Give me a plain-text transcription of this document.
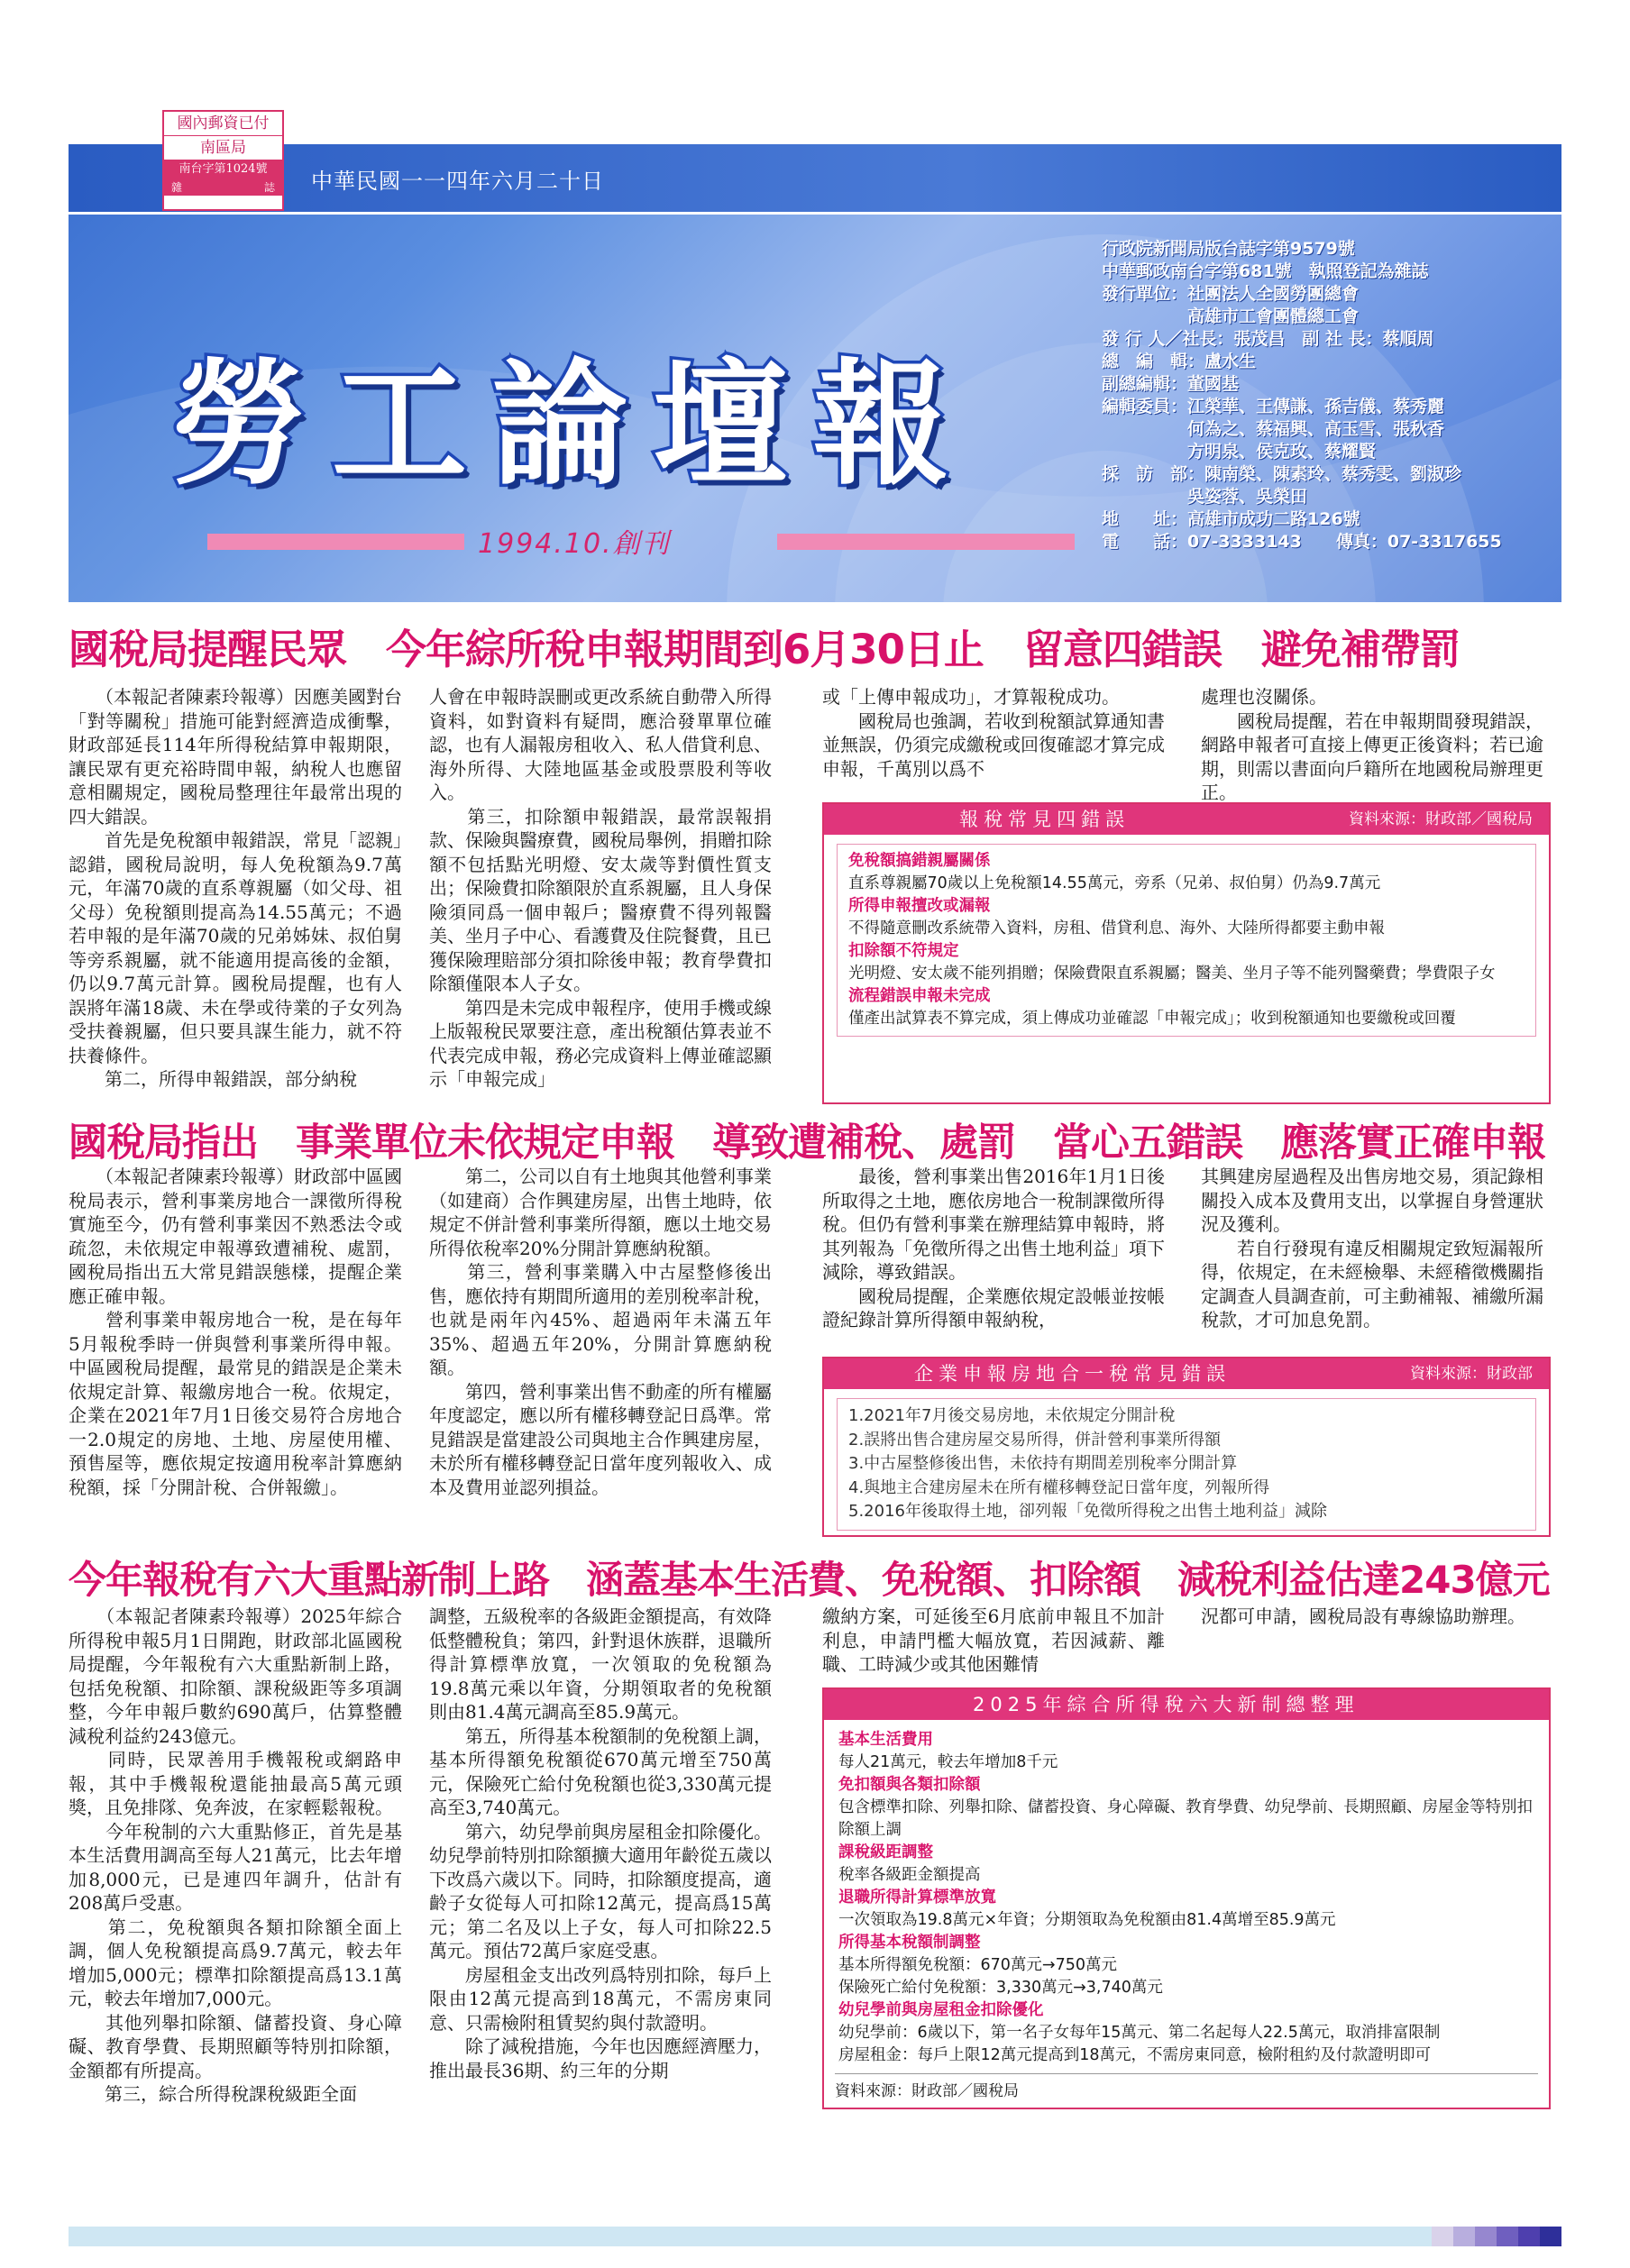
國內郵資已付
南區局
南台字第1024號
雜	誌 中華民國一一四年六月二十日
勞工論壇報
1994.10.創刊
行政院新聞局版台誌字第9579號
中華郵政南台字第681號　執照登記為雜誌
發行單位：社團法人全國勞團總會
　　　　　高雄市工會團體總工會
發 行 人／社長：張茂昌　副 社 長：蔡順周
總　編　輯：盧水生
副總編輯：董國基
編輯委員：江榮華、王傳謙、孫吉儀、蔡秀麗
　　　　　何為之、蔡福興、高玉雪、張秋香
　　　　　方明泉、侯克玫、蔡耀賢
採　訪　部：陳南榮、陳素玲、蔡秀雯、劉淑珍
　　　　　吳姿蓉、吳榮田
地　　址：高雄市成功二路126號
電　　話：07-3333143　　傳真：07-3317655
國稅局提醒民眾　今年綜所稅申報期間到6月30日止　留意四錯誤　避免補帶罰
　　（本報記者陳素玲報導）因應美國對台「對等關稅」措施可能對經濟造成衝擊，財政部延長114年所得稅結算申報期限，讓民眾有更充裕時間申報，納稅人也應留意相關規定，國稅局整理往年最常出現的四大錯誤。
　　首先是免稅額申報錯誤，常見「認親」認錯，國稅局說明，每人免稅額為9.7萬元，年滿70歲的直系尊親屬（如父母、祖父母）免稅額則提高為14.55萬元；不過若申報的是年滿70歲的兄弟姊妹、叔伯舅等旁系親屬，就不能適用提高後的金額，仍以9.7萬元計算。國稅局提醒，也有人誤將年滿18歲、未在學或待業的子女列為受扶養親屬，但只要具謀生能力，就不符扶養條件。
　　第二，所得申報錯誤，部分納稅
人會在申報時誤刪或更改系統自動帶入所得資料，如對資料有疑問，應洽發單單位確認，也有人漏報房租收入、私人借貸利息、海外所得、大陸地區基金或股票股利等收入。
　　第三，扣除額申報錯誤，最常誤報捐款、保險與醫療費，國稅局舉例，捐贈扣除額不包括點光明燈、安太歲等對價性質支出；保險費扣除額限於直系親屬，且人身保險須同爲一個申報戶；醫療費不得列報醫美、坐月子中心、看護費及住院餐費，且已獲保險理賠部分須扣除後申報；教育學費扣除額僅限本人子女。
　　第四是未完成申報程序，使用手機或線上版報稅民眾要注意，產出稅額估算表並不代表完成申報，務必完成資料上傳並確認顯示「申報完成」
或「上傳申報成功」，才算報稅成功。
　　國稅局也強調，若收到稅額試算通知書並無誤，仍須完成繳稅或回復確認才算完成申報，千萬別以爲不
處理也沒關係。
　　國稅局提醒，若在申報期間發現錯誤，網路申報者可直接上傳更正後資料；若已逾期，則需以書面向戶籍所在地國稅局辦理更正。
報稅常見四錯誤	資料來源：財政部／國稅局
免稅額搞錯親屬關係
直系尊親屬70歲以上免稅額14.55萬元，旁系（兄弟、叔伯舅）仍為9.7萬元
所得申報擅改或漏報
不得隨意刪改系統帶入資料，房租、借貸利息、海外、大陸所得都要主動申報
扣除額不符規定
光明燈、安太歲不能列捐贈；保險費限直系親屬；醫美、坐月子等不能列醫藥費；學費限子女
流程錯誤申報未完成
僅產出試算表不算完成，須上傳成功並確認「申報完成」；收到稅額通知也要繳稅或回覆
國稅局指出　事業單位未依規定申報　導致遭補稅、處罰　當心五錯誤　應落實正確申報
　　（本報記者陳素玲報導）財政部中區國稅局表示，營利事業房地合一課徵所得稅實施至今，仍有營利事業因不熟悉法令或疏忽，未依規定申報導致遭補稅、處罰，國稅局指出五大常見錯誤態樣，提醒企業應正確申報。
　　營利事業申報房地合一稅，是在每年5月報稅季時一併與營利事業所得申報。中區國稅局提醒，最常見的錯誤是企業未依規定計算、報繳房地合一稅。依規定，企業在2021年7月1日後交易符合房地合一2.0規定的房地、土地、房屋使用權、預售屋等，應依規定按適用稅率計算應納稅額，採「分開計稅、合併報繳」。
　　第二，公司以自有土地與其他營利事業（如建商）合作興建房屋，出售土地時，依規定不併計營利事業所得額，應以土地交易所得依稅率20%分開計算應納稅額。
　　第三，營利事業購入中古屋整修後出售，應依持有期間所適用的差別稅率計稅，也就是兩年內45%、超過兩年未滿五年35%、超過五年20%，分開計算應納稅額。
　　第四，營利事業出售不動產的所有權屬年度認定，應以所有權移轉登記日爲準。常見錯誤是當建設公司與地主合作興建房屋，未於所有權移轉登記日當年度列報收入、成本及費用並認列損益。
　　最後，營利事業出售2016年1月1日後所取得之土地，應依房地合一稅制課徵所得稅。但仍有營利事業在辦理結算申報時，將其列報為「免徵所得之出售土地利益」項下減除，導致錯誤。
　　國稅局提醒，企業應依規定設帳並按帳證紀錄計算所得額申報納稅，
其興建房屋過程及出售房地交易，須記錄相關投入成本及費用支出，以掌握自身營運狀況及獲利。
　　若自行發現有違反相關規定致短漏報所得，依規定，在未經檢舉、未經稽徵機關指定調查人員調查前，可主動補報、補繳所漏稅款，才可加息免罰。
企業申報房地合一稅常見錯誤	資料來源：財政部
1.2021年7月後交易房地，未依規定分開計稅
2.誤將出售合建房屋交易所得，併計營利事業所得額
3.中古屋整修後出售，未依持有期間差別稅率分開計算
4.與地主合建房屋未在所有權移轉登記日當年度，列報所得
5.2016年後取得土地，卻列報「免徵所得稅之出售土地利益」減除
今年報稅有六大重點新制上路　涵蓋基本生活費、免稅額、扣除額　減稅利益估達243億元
　　（本報記者陳素玲報導）2025年綜合所得稅申報5月1日開跑，財政部北區國稅局提醒，今年報稅有六大重點新制上路，包括免稅額、扣除額、課稅級距等多項調整，今年申報戶數約690萬戶，估算整體減稅利益約243億元。
　　同時，民眾善用手機報稅或網路申報，其中手機報稅還能抽最高5萬元頭獎，且免排隊、免奔波，在家輕鬆報稅。
　　今年稅制的六大重點修正，首先是基本生活費用調高至每人21萬元，比去年增加8,000元，已是連四年調升，估計有208萬戶受惠。
　　第二，免稅額與各類扣除額全面上調，個人免稅額提高爲9.7萬元，較去年增加5,000元；標準扣除額提高爲13.1萬元，較去年增加7,000元。
　　其他列舉扣除額、儲蓄投資、身心障礙、教育學費、長期照顧等特別扣除額，金額都有所提高。
　　第三，綜合所得稅課稅級距全面
調整，五級稅率的各級距金額提高，有效降低整體稅負；第四，針對退休族群，退職所得計算標準放寬，一次領取的免稅額為19.8萬元乘以年資，分期領取者的免稅額則由81.4萬元調高至85.9萬元。
　　第五，所得基本稅額制的免稅額上調，基本所得額免稅額從670萬元增至750萬元，保險死亡給付免稅額也從3,330萬元提高至3,740萬元。
　　第六，幼兒學前與房屋租金扣除優化。幼兒學前特別扣除額擴大適用年齡從五歲以下改爲六歲以下。同時，扣除額度提高，適齡子女從每人可扣除12萬元，提高爲15萬元；第二名及以上子女，每人可扣除22.5萬元。預估72萬戶家庭受惠。
　　房屋租金支出改列爲特別扣除，每戶上限由12萬元提高到18萬元，不需房東同意、只需檢附租賃契約與付款證明。
　　除了減稅措施，今年也因應經濟壓力，推出最長36期、約三年的分期
繳納方案，可延後至6月底前申報且不加計利息，申請門檻大幅放寬，若因減薪、離職、工時減少或其他困難情
況都可申請，國稅局設有專線協助辦理。
2025年綜合所得稅六大新制總整理
基本生活費用
每人21萬元，較去年增加8千元
免扣額與各類扣除額
包含標準扣除、列舉扣除、儲蓄投資、身心障礙、教育學費、幼兒學前、長期照顧、房屋金等特別扣除額上調
課稅級距調整
稅率各級距金額提高
退職所得計算標準放寬
一次領取為19.8萬元×年資；分期領取為免稅額由81.4萬增至85.9萬元
所得基本稅額制調整
基本所得額免稅額：670萬元→750萬元
保險死亡給付免稅額：3,330萬元→3,740萬元
幼兒學前與房屋租金扣除優化
幼兒學前：6歲以下，第一名子女每年15萬元、第二名起每人22.5萬元，取消排富限制
房屋租金：每戶上限12萬元提高到18萬元，不需房東同意，檢附租約及付款證明即可
資料來源：財政部／國稅局
